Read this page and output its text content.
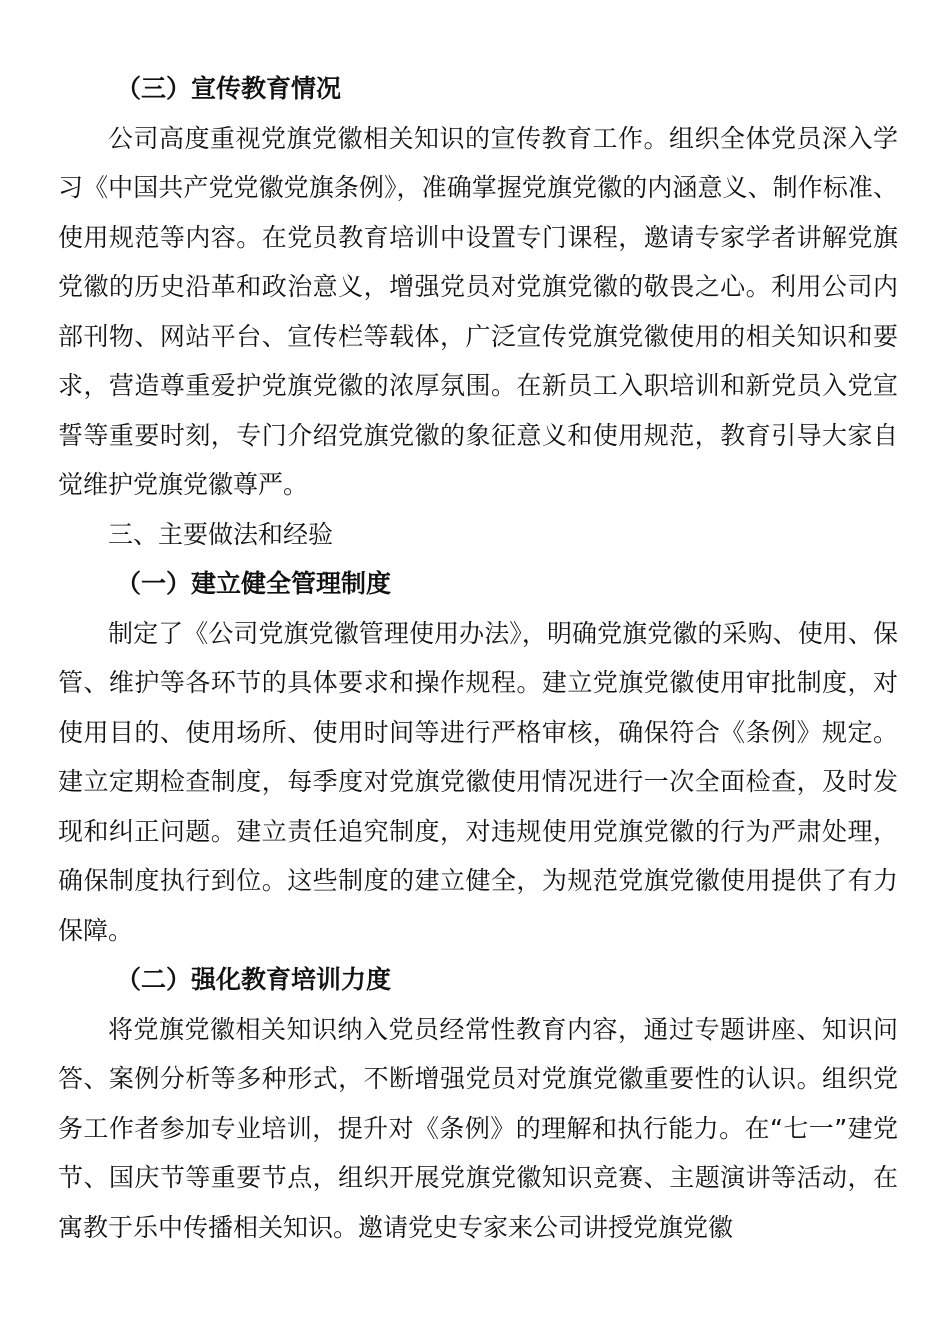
（三）宣传教育情况

公司高度重视党旗党徽相关知识的宣传教育工作。组织全体党员深入学习《中国共产党党徽党旗条例》，准确掌握党旗党徽的内涵意义、制作标准、使用规范等内容。在党员教育培训中设置专门课程，邀请专家学者讲解党旗党徽的历史沿革和政治意义，增强党员对党旗党徽的敬畏之心。利用公司内部刊物、网站平台、宣传栏等载体，广泛宣传党旗党徽使用的相关知识和要求，营造尊重爱护党旗党徽的浓厚氛围。在新员工入职培训和新党员入党宣誓等重要时刻，专门介绍党旗党徽的象征意义和使用规范，教育引导大家自觉维护党旗党徽尊严。

三、主要做法和经验

（一）建立健全管理制度

制定了《公司党旗党徽管理使用办法》，明确党旗党徽的采购、使用、保管、维护等各环节的具体要求和操作规程。建立党旗党徽使用审批制度，对使用目的、使用场所、使用时间等进行严格审核，确保符合《条例》规定。建立定期检查制度，每季度对党旗党徽使用情况进行一次全面检查，及时发现和纠正问题。建立责任追究制度，对违规使用党旗党徽的行为严肃处理，确保制度执行到位。这些制度的建立健全，为规范党旗党徽使用提供了有力保障。

（二）强化教育培训力度

将党旗党徽相关知识纳入党员经常性教育内容，通过专题讲座、知识问答、案例分析等多种形式，不断增强党员对党旗党徽重要性的认识。组织党务工作者参加专业培训，提升对《条例》的理解和执行能力。在“七一”建党节、国庆节等重要节点，组织开展党旗党徽知识竞赛、主题演讲等活动，在寓教于乐中传播相关知识。邀请党史专家来公司讲授党旗党徽
